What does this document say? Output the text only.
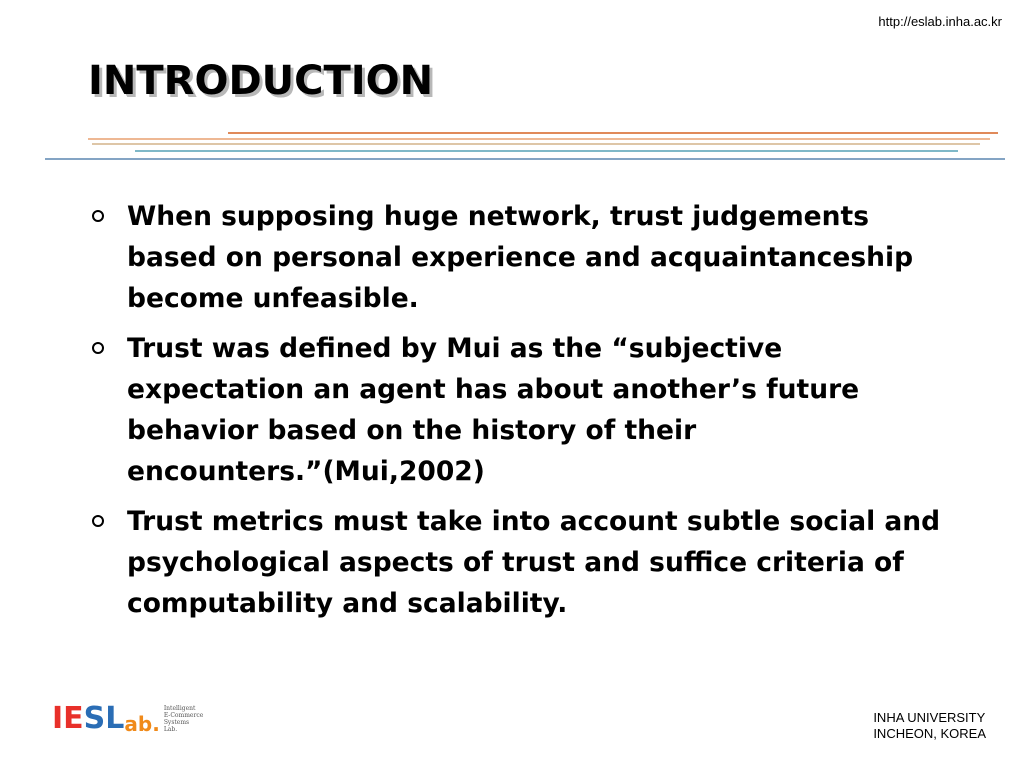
http://eslab.inha.ac.kr
INTRODUCTION
When supposing huge network, trust judgements based on personal experience and acquaintanceship become unfeasible.
Trust was defined by Mui as the “subjective expectation an agent has about another’s future behavior based on the history of their encounters.”(Mui,2002)
Trust metrics must take into account subtle social and psychological aspects of trust and suffice criteria of computability and scalability.
IE SL ab.
Intelligent
E-Commerce
Systems
Lab.
INHA UNIVERSITY
INCHEON, KOREA
